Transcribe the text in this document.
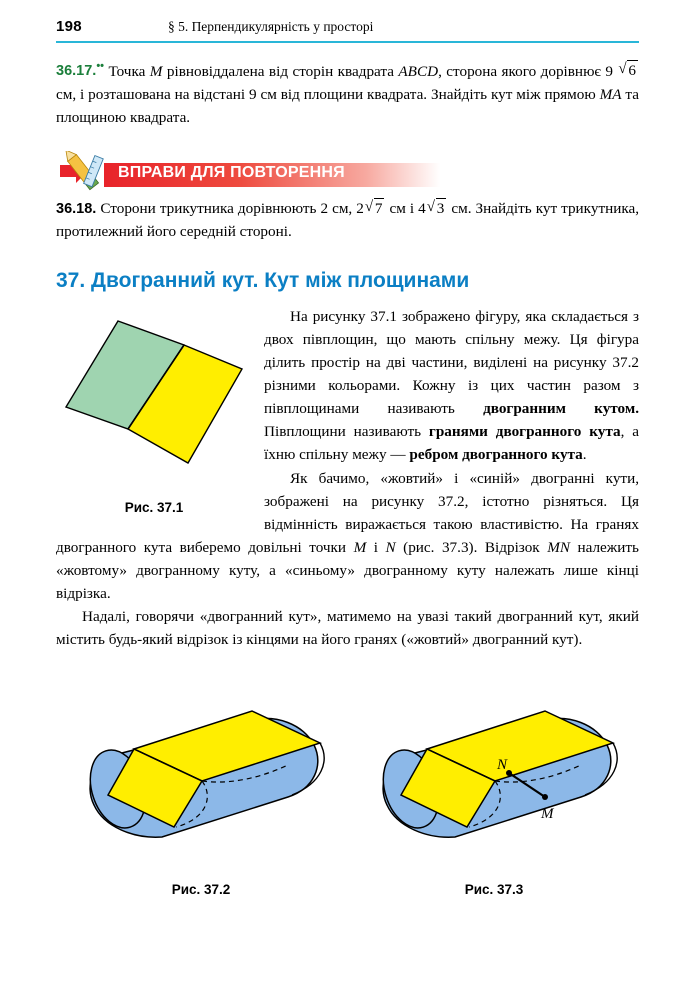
198	§ 5. Перпендикулярність у просторі

36.17.•• Точка M рівновіддалена від сторін квадрата ABCD, сторона якого дорівнює 9 √ 6 см, і розташована на відстані 9 см від площини квадрата. Знайдіть кут між прямою MA та площиною квадрата.

ВПРАВИ ДЛЯ ПОВТОРЕННЯ

36.18. Сторони трикутника дорівнюють 2 см, 2 √ 7 см і 4 √ 3 см. Знайдіть кут трикутника, протилежний його середній стороні.

37. Двогранний кут. Кут між площинами
Рис. 37.1

На рисунку 37.1 зображено фігуру, яка складається з двох півплощин, що мають спільну межу. Ця фігура ділить простір на дві частини, виділені на рисунку 37.2 різними кольорами. Кожну із цих частин разом з півплощинами називають двогранним кутом. Півплощини називають гранями двогранного кута, а їхню спільну межу — ребром двогранного кута.

Як бачимо, «жовтий» і «синій» двогранні кути, зображені на рисунку 37.2, істотно різняться. Ця відмінність виражається такою властивістю. На гранях двогранного кута виберемо довільні точки M і N (рис. 37.3). Відрізок MN належить «жовтому» двогранному куту, а «синьому» двогранному куту належать лише кінці відрізка.

Надалі, говорячи «двогранний кут», матимемо на увазі такий двогранний кут, який містить будь-який відрізок із кінцями на його гранях («жовтий» двогранний кут).

Рис. 37.2
N
M
Рис. 37.3
